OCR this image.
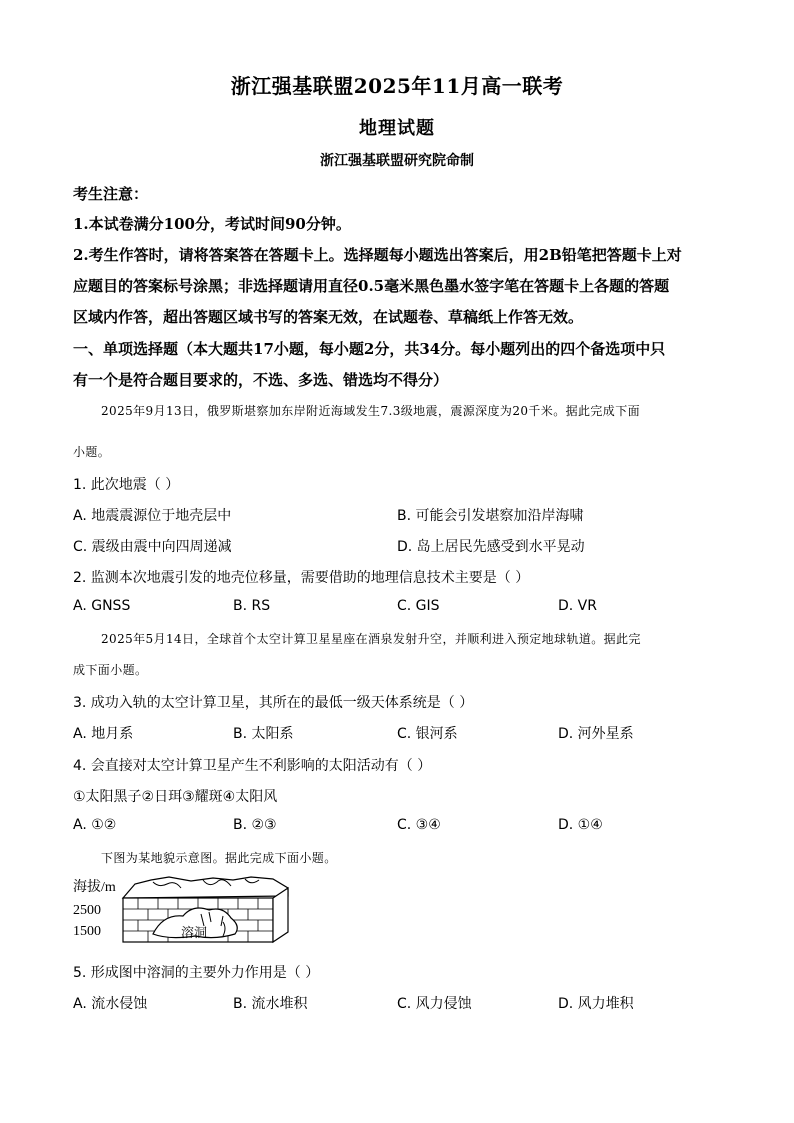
浙江强基联盟2025年11月高一联考
地理试题
浙江强基联盟研究院命制
考生注意：
1.本试卷满分100分，考试时间90分钟。
2.考生作答时，请将答案答在答题卡上。选择题每小题选出答案后，用2B铅笔把答题卡上对
应题目的答案标号涂黑；非选择题请用直径0.5毫米黑色墨水签字笔在答题卡上各题的答题
区域内作答，超出答题区域书写的答案无效，在试题卷、草稿纸上作答无效。
一、单项选择题（本大题共17小题，每小题2分，共34分。每小题列出的四个备选项中只
有一个是符合题目要求的，不选、多选、错选均不得分）
2025年9月13日，俄罗斯堪察加东岸附近海域发生7.3级地震，震源深度为20千米。据此完成下面
小题。
1. 此次地震（ ）
A. 地震震源位于地壳层中	B. 可能会引发堪察加沿岸海啸
C. 震级由震中向四周递减	D. 岛上居民先感受到水平晃动
2. 监测本次地震引发的地壳位移量，需要借助的地理信息技术主要是（ ）
A. GNSS	B. RS	C. GIS	D. VR
2025年5月14日，全球首个太空计算卫星星座在酒泉发射升空，并顺利进入预定地球轨道。据此完
成下面小题。
3. 成功入轨的太空计算卫星，其所在的最低一级天体系统是（ ）
A. 地月系	B. 太阳系	C. 银河系	D. 河外星系
4. 会直接对太空计算卫星产生不利影响的太阳活动有（ ）
①太阳黑子②日珥③耀斑④太阳风
A. ①②	B. ②③	C. ③④	D. ①④
下图为某地貌示意图。据此完成下面小题。
海拔/m
2500
1500	溶洞
5. 形成图中溶洞的主要外力作用是（ ）
A. 流水侵蚀	B. 流水堆积	C. 风力侵蚀	D. 风力堆积
